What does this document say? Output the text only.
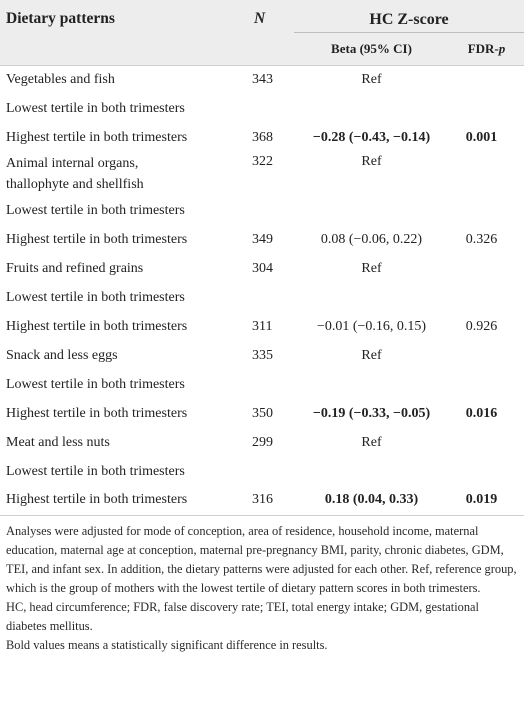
Dietary patterns	N	HC Z-score	
		Beta (95% CI)	FDR-p
Vegetables and fish	343	Ref	
Lowest tertile in both trimesters			
Highest tertile in both trimesters	368	−0.28 (−0.43, −0.14)	0.001

Animal internal organs,
thallophyte and shellfish	322	Ref	
Lowest tertile in both trimesters			
Highest tertile in both trimesters	349	0.08 (−0.06, 0.22)	0.326
Fruits and refined grains	304	Ref	
Lowest tertile in both trimesters			
Highest tertile in both trimesters	311	−0.01 (−0.16, 0.15)	0.926
Snack and less eggs	335	Ref	
Lowest tertile in both trimesters			
Highest tertile in both trimesters	350	−0.19 (−0.33, −0.05)	0.016
Meat and less nuts	299	Ref	
Lowest tertile in both trimesters			
Highest tertile in both trimesters	316	0.18 (0.04, 0.33)	0.019

Analyses were adjusted for mode of conception, area of residence, household income, maternal education, maternal age at conception, maternal pre-pregnancy BMI, parity, chronic diabetes, GDM, TEI, and infant sex. In addition, the dietary patterns were adjusted for each other. Ref, reference group, which is the group of mothers with the lowest tertile of dietary pattern scores in both trimesters.

HC, head circumference; FDR, false discovery rate; TEI, total energy intake; GDM, gestational diabetes mellitus.

Bold values means a statistically significant difference in results.
